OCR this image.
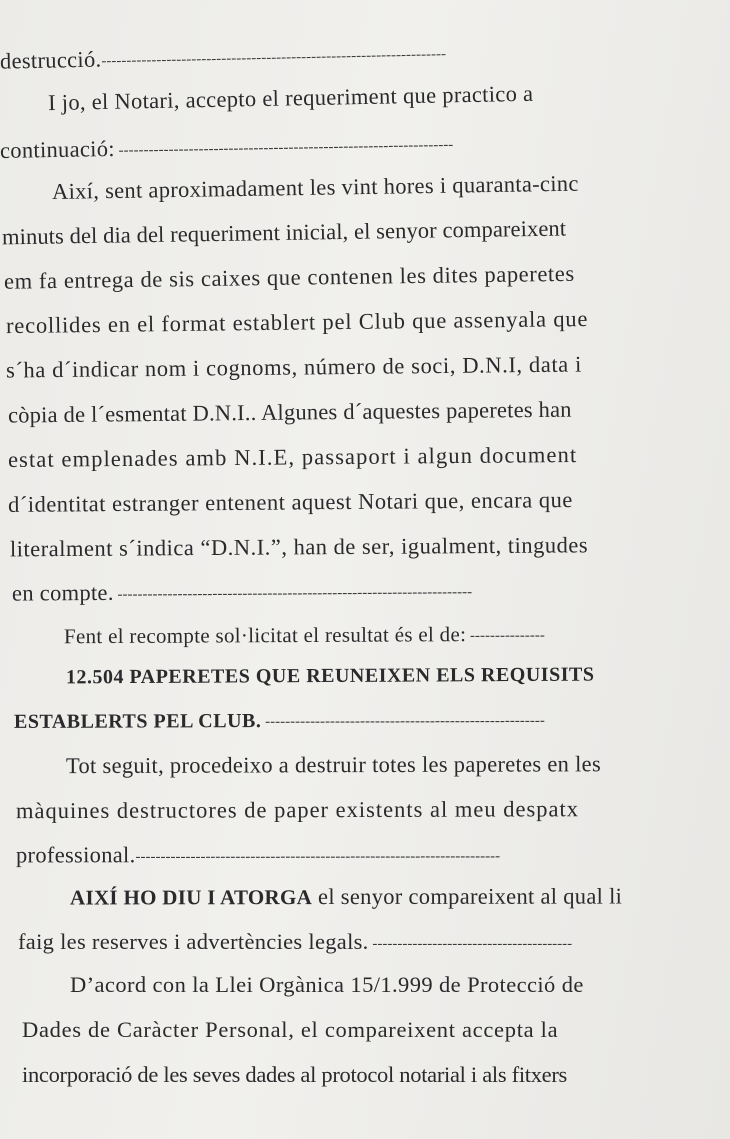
destrucció.---------------------------------------------------------------------
I jo, el Notari, accepto el requeriment que practico a
continuació: -------------------------------------------------------------------
Així, sent aproximadament les vint hores i quaranta-cinc
minuts del dia del requeriment inicial, el senyor compareixent
em fa entrega de sis caixes que contenen les dites paperetes
recollides en el format establert pel Club que assenyala que
s´ha d´indicar nom i cognoms, número de soci, D.N.I, data i
còpia de l´esmentat D.N.I.. Algunes d´aquestes paperetes han
estat emplenades amb N.I.E, passaport i algun document
d´identitat estranger entenent aquest Notari que, encara que
literalment s´indica “D.N.I.”, han de ser, igualment, tingudes
en compte. -----------------------------------------------------------------------
Fent el recompte sol·licitat el resultat és el de: ---------------
12.504 PAPERETES QUE REUNEIXEN ELS REQUISITS
ESTABLERTS PEL CLUB. --------------------------------------------------------
Tot seguit, procedeixo a destruir totes les paperetes en les
màquines destructores de paper existents al meu despatx
professional.-------------------------------------------------------------------------
AIXÍ HO DIU I ATORGA el senyor compareixent al qual li
faig les reserves i advertències legals. ----------------------------------------
D’acord con la Llei Orgànica 15/1.999 de Protecció de
Dades de Caràcter Personal, el compareixent accepta la
incorporació de les seves dades al protocol notarial i als fitxers
